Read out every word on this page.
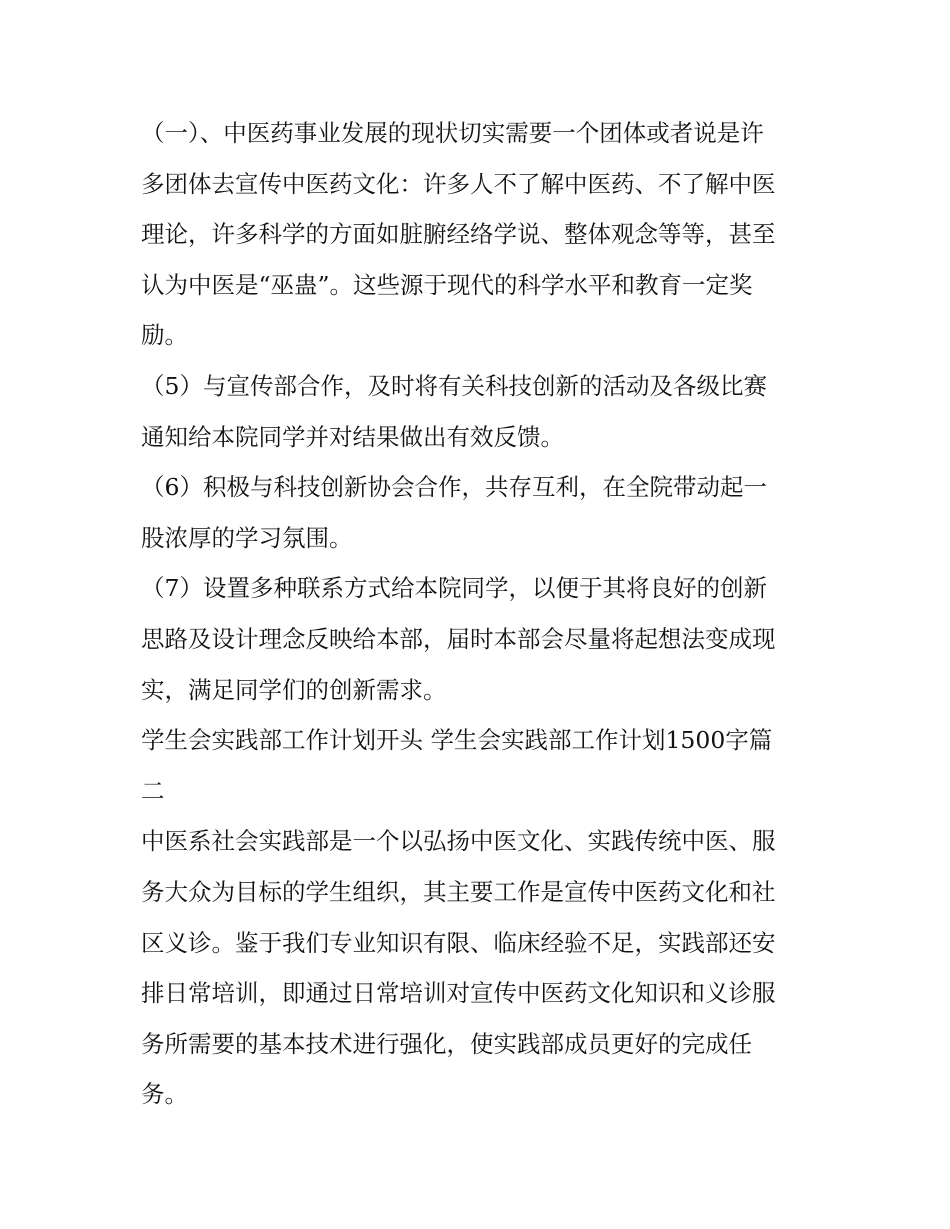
（一）、中医药事业发展的现状切实需要一个团体或者说是许
多团体去宣传中医药文化：许多人不了解中医药、不了解中医
理论，许多科学的方面如脏腑经络学说、整体观念等等，甚至
认为中医是“巫蛊”。这些源于现代的科学水平和教育一定奖
励。
（5）与宣传部合作，及时将有关科技创新的活动及各级比赛
通知给本院同学并对结果做出有效反馈。
（6）积极与科技创新协会合作，共存互利，在全院带动起一
股浓厚的学习氛围。
（7）设置多种联系方式给本院同学，以便于其将良好的创新
思路及设计理念反映给本部，届时本部会尽量将起想法变成现
实，满足同学们的创新需求。
学生会实践部工作计划开头 学生会实践部工作计划1500字篇
二
中医系社会实践部是一个以弘扬中医文化、实践传统中医、服
务大众为目标的学生组织，其主要工作是宣传中医药文化和社
区义诊。鉴于我们专业知识有限、临床经验不足，实践部还安
排日常培训，即通过日常培训对宣传中医药文化知识和义诊服
务所需要的基本技术进行强化，使实践部成员更好的完成任
务。
